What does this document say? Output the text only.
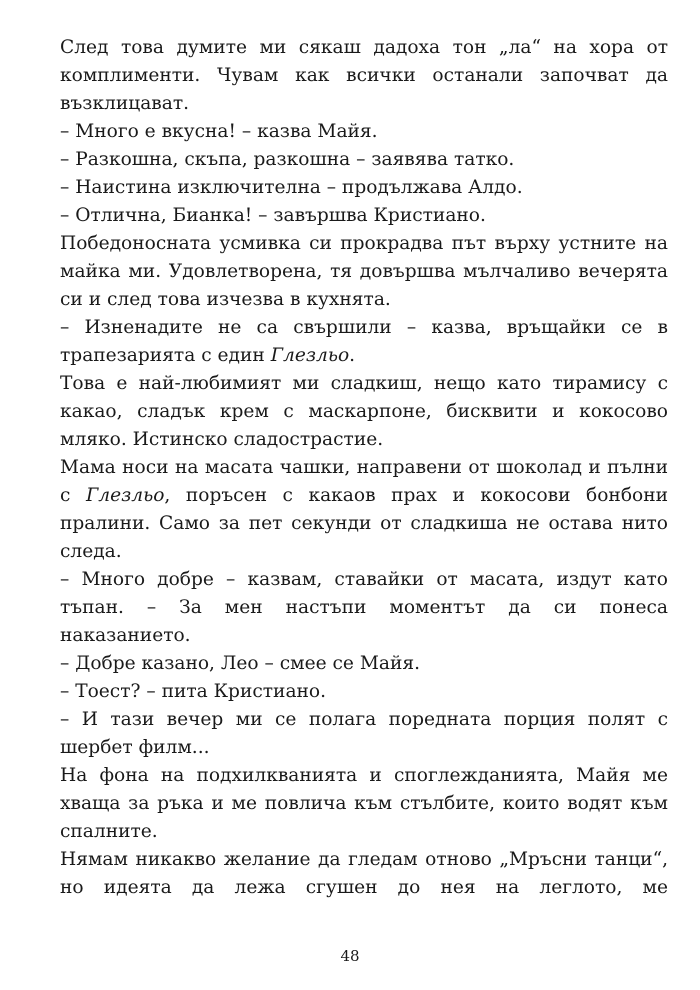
След това думите ми сякаш дадоха тон „ла“ на хора от комплименти. Чувам как всички останали започват да възклицават.

– Много е вкусна! – казва Майя.

– Разкошна, скъпа, разкошна – заявява татко.

– Наистина изключителна – продължава Алдо.

– Отлична, Бианка! – завършва Кристиано.

Победоносната усмивка си прокрадва път върху устните на майка ми. Удовлетворена, тя довършва мълчаливо вечерята си и след това изчезва в кухнята.

– Изненадите не са свършили – казва, връщайки се в трапезарията с един Глезльо.

Това е най-любимият ми сладкиш, нещо като тирамису с какао, сладък крем с маскарпоне, бисквити и кокосово мляко. Истинско сладострастие.

Мама носи на масата чашки, направени от шоколад и пълни с Глезльо, поръсен с какаов прах и кокосови бонбони пралини. Само за пет секунди от сладкиша не остава нито следа.

– Много добре – казвам, ставайки от масата, издут като тъпан. – За мен настъпи моментът да си понеса наказанието.

– Добре казано, Лео – смее се Майя.

– Тоест? – пита Кристиано.

– И тази вечер ми се полага поредната порция полят с шербет филм...

На фона на подхилкванията и споглежданията, Майя ме хваща за ръка и ме повлича към стълбите, които водят към спалните.

Нямам никакво желание да гледам отново „Мръсни танци“, но идеята да лежа сгушен до нея на леглото, ме

48
